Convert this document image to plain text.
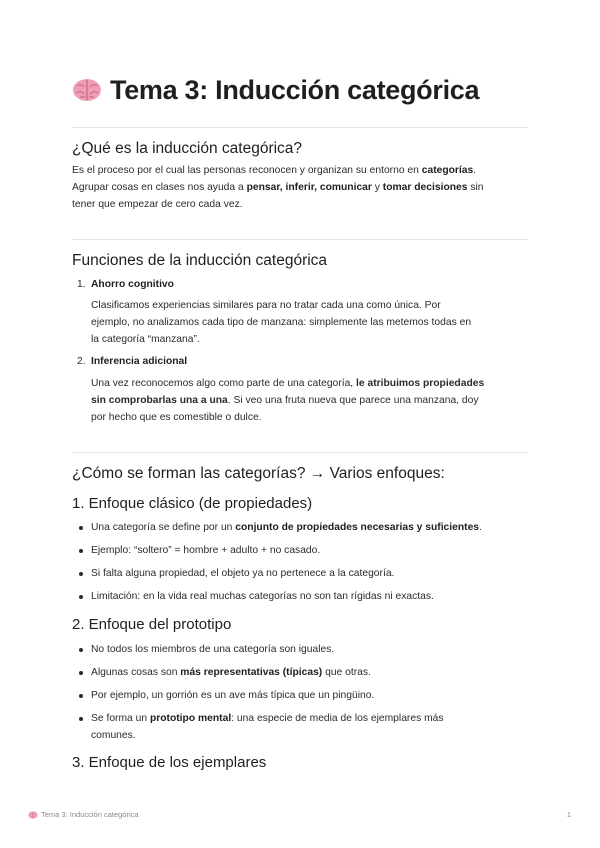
Tema 3: Inducción categórica
¿Qué es la inducción categórica?
Es el proceso por el cual las personas reconocen y organizan su entorno en categorías.
Agrupar cosas en clases nos ayuda a pensar, inferir, comunicar y tomar decisiones sin
tener que empezar de cero cada vez.
Funciones de la inducción categórica
1. Ahorro cognitivo
Clasificamos experiencias similares para no tratar cada una como única. Por
ejemplo, no analizamos cada tipo de manzana: simplemente las metemos todas en
la categoría “manzana”.
2. Inferencia adicional
Una vez reconocemos algo como parte de una categoría, le atribuimos propiedades
sin comprobarlas una a una. Si veo una fruta nueva que parece una manzana, doy
por hecho que es comestible o dulce.
¿Cómo se forman las categorías? → Varios enfoques:
1. Enfoque clásico (de propiedades)
Una categoría se define por un conjunto de propiedades necesarias y suficientes.
Ejemplo: “soltero” = hombre + adulto + no casado.
Si falta alguna propiedad, el objeto ya no pertenece a la categoría.
Limitación: en la vida real muchas categorías no son tan rígidas ni exactas.
2. Enfoque del prototipo
No todos los miembros de una categoría son iguales.
Algunas cosas son más representativas (típicas) que otras.
Por ejemplo, un gorrión es un ave más típica que un pingüino.
Se forma un prototipo mental: una especie de media de los ejemplares más
comunes.
3. Enfoque de los ejemplares
Tema 3: Inducción categórica	1
